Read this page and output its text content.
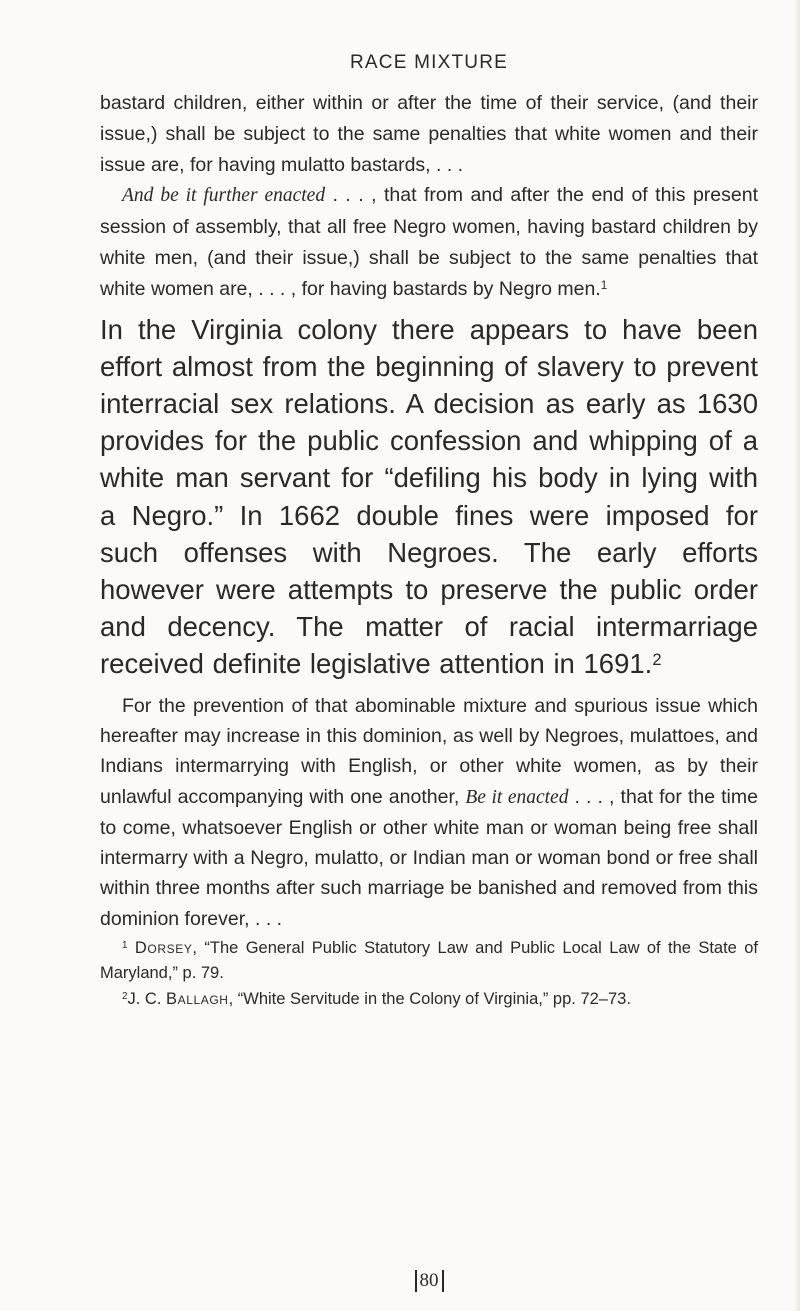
RACE MIXTURE

bastard children, either within or after the time of their service, (and their issue,) shall be subject to the same penalties that white women and their issue are, for having mulatto bastards, . . .

And be it further enacted . . . , that from and after the end of this present session of assembly, that all free Negro women, having bastard children by white men, (and their issue,) shall be subject to the same penalties that white women are, . . . , for having bastards by Negro men.$^1$

In the Virginia colony there appears to have been effort almost from the beginning of slavery to prevent interracial sex relations. A decision as early as 1630 provides for the public confession and whipping of a white man servant for “defiling his body in lying with a Negro.” In 1662 double fines were imposed for such offenses with Negroes. The early efforts however were attempts to preserve the public order and decency. The matter of racial intermarriage received definite legislative attention in 1691.$^2$

For the prevention of that abominable mixture and spurious issue which hereafter may increase in this dominion, as well by Negroes, mulattoes, and Indians intermarrying with English, or other white women, as by their unlawful accompanying with one another, Be it enacted . . . , that for the time to come, whatsoever English or other white man or woman being free shall intermarry with a Negro, mulatto, or Indian man or woman bond or free shall within three months after such marriage be banished and removed from this dominion forever, . . .

$^1$ Dorsey, “The General Public Statutory Law and Public Local Law of the State of Maryland,” p. 79.

$^2$J. C. Ballagh, “White Servitude in the Colony of Virginia,” pp. 72–73.

80
